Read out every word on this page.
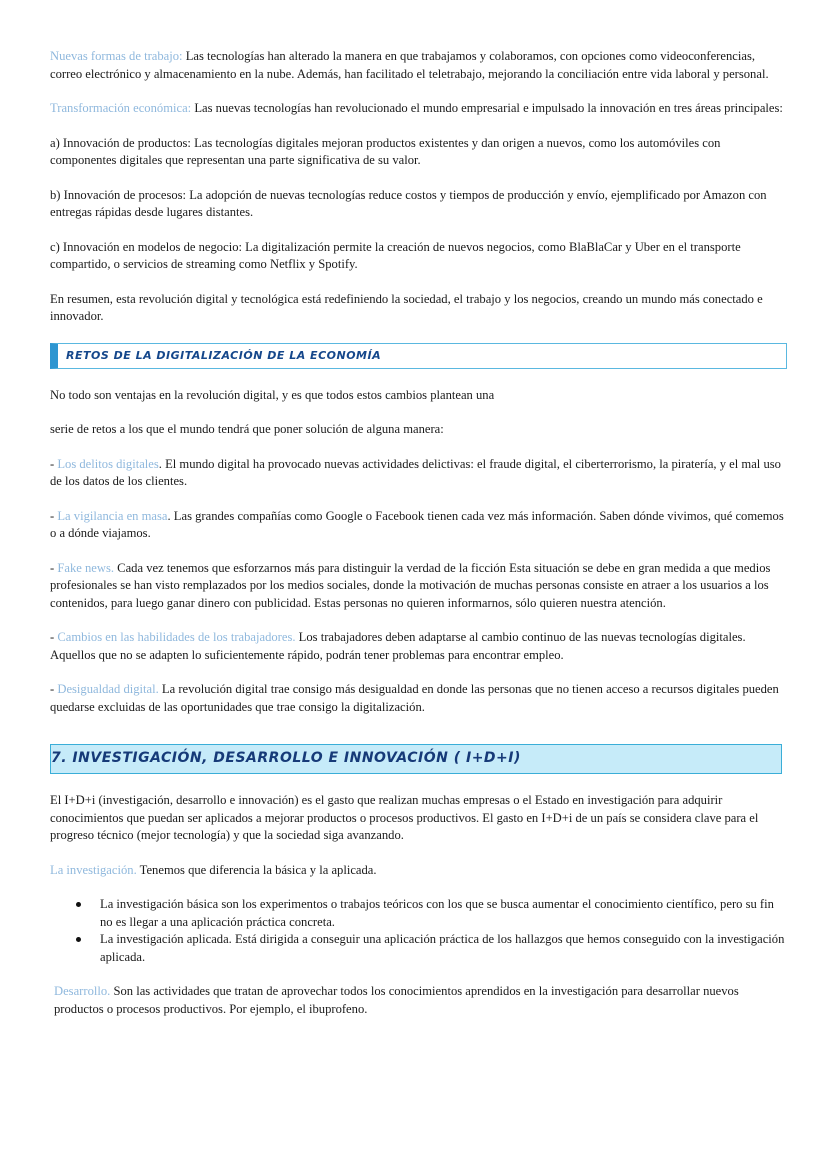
Nuevas formas de trabajo: Las tecnologías han alterado la manera en que trabajamos y colaboramos, con opciones como videoconferencias, correo electrónico y almacenamiento en la nube. Además, han facilitado el teletrabajo, mejorando la conciliación entre vida laboral y personal.

Transformación económica: Las nuevas tecnologías han revolucionado el mundo empresarial e impulsado la innovación en tres áreas principales:

a) Innovación de productos: Las tecnologías digitales mejoran productos existentes y dan origen a nuevos, como los automóviles con componentes digitales que representan una parte significativa de su valor.

b) Innovación de procesos: La adopción de nuevas tecnologías reduce costos y tiempos de producción y envío, ejemplificado por Amazon con entregas rápidas desde lugares distantes.

c) Innovación en modelos de negocio: La digitalización permite la creación de nuevos negocios, como BlaBlaCar y Uber en el transporte compartido, o servicios de streaming como Netflix y Spotify.

En resumen, esta revolución digital y tecnológica está redefiniendo la sociedad, el trabajo y los negocios, creando un mundo más conectado e innovador.

RETOS DE LA DIGITALIZACIÓN DE LA ECONOMÍA

No todo son ventajas en la revolución digital, y es que todos estos cambios plantean una

serie de retos a los que el mundo tendrá que poner solución de alguna manera:

- Los delitos digitales. El mundo digital ha provocado nuevas actividades delictivas: el fraude digital, el ciberterrorismo, la piratería, y el mal uso de los datos de los clientes.

- La vigilancia en masa. Las grandes compañías como Google o Facebook tienen cada vez más información. Saben dónde vivimos, qué comemos o a dónde viajamos.

- Fake news. Cada vez tenemos que esforzarnos más para distinguir la verdad de la ficción Esta situación se debe en gran medida a que medios profesionales se han visto remplazados por los medios sociales, donde la motivación de muchas personas consiste en atraer a los usuarios a los contenidos, para luego ganar dinero con publicidad. Estas personas no quieren informarnos, sólo quieren nuestra atención.

- Cambios en las habilidades de los trabajadores. Los trabajadores deben adaptarse al cambio continuo de las nuevas tecnologías digitales. Aquellos que no se adapten lo suficientemente rápido, podrán tener problemas para encontrar empleo.

- Desigualdad digital. La revolución digital trae consigo más desigualdad en donde las personas que no tienen acceso a recursos digitales pueden quedarse excluidas de las oportunidades que trae consigo la digitalización.

7. INVESTIGACIÓN, DESARROLLO E INNOVACIÓN ( I+D+I)

El I+D+i (investigación, desarrollo e innovación) es el gasto que realizan muchas empresas o el Estado en investigación para adquirir conocimientos que puedan ser aplicados a mejorar productos o procesos productivos. El gasto en I+D+i de un país se considera clave para el progreso técnico (mejor tecnología) y que la sociedad siga avanzando.

La investigación. Tenemos que diferencia la básica y la aplicada.

La investigación básica son los experimentos o trabajos teóricos con los que se busca aumentar el conocimiento científico, pero su fin no es llegar a una aplicación práctica concreta.
La investigación aplicada. Está dirigida a conseguir una aplicación práctica de los hallazgos que hemos conseguido con la investigación aplicada.

Desarrollo. Son las actividades que tratan de aprovechar todos los conocimientos aprendidos en la investigación para desarrollar nuevos productos o procesos productivos. Por ejemplo, el ibuprofeno.
